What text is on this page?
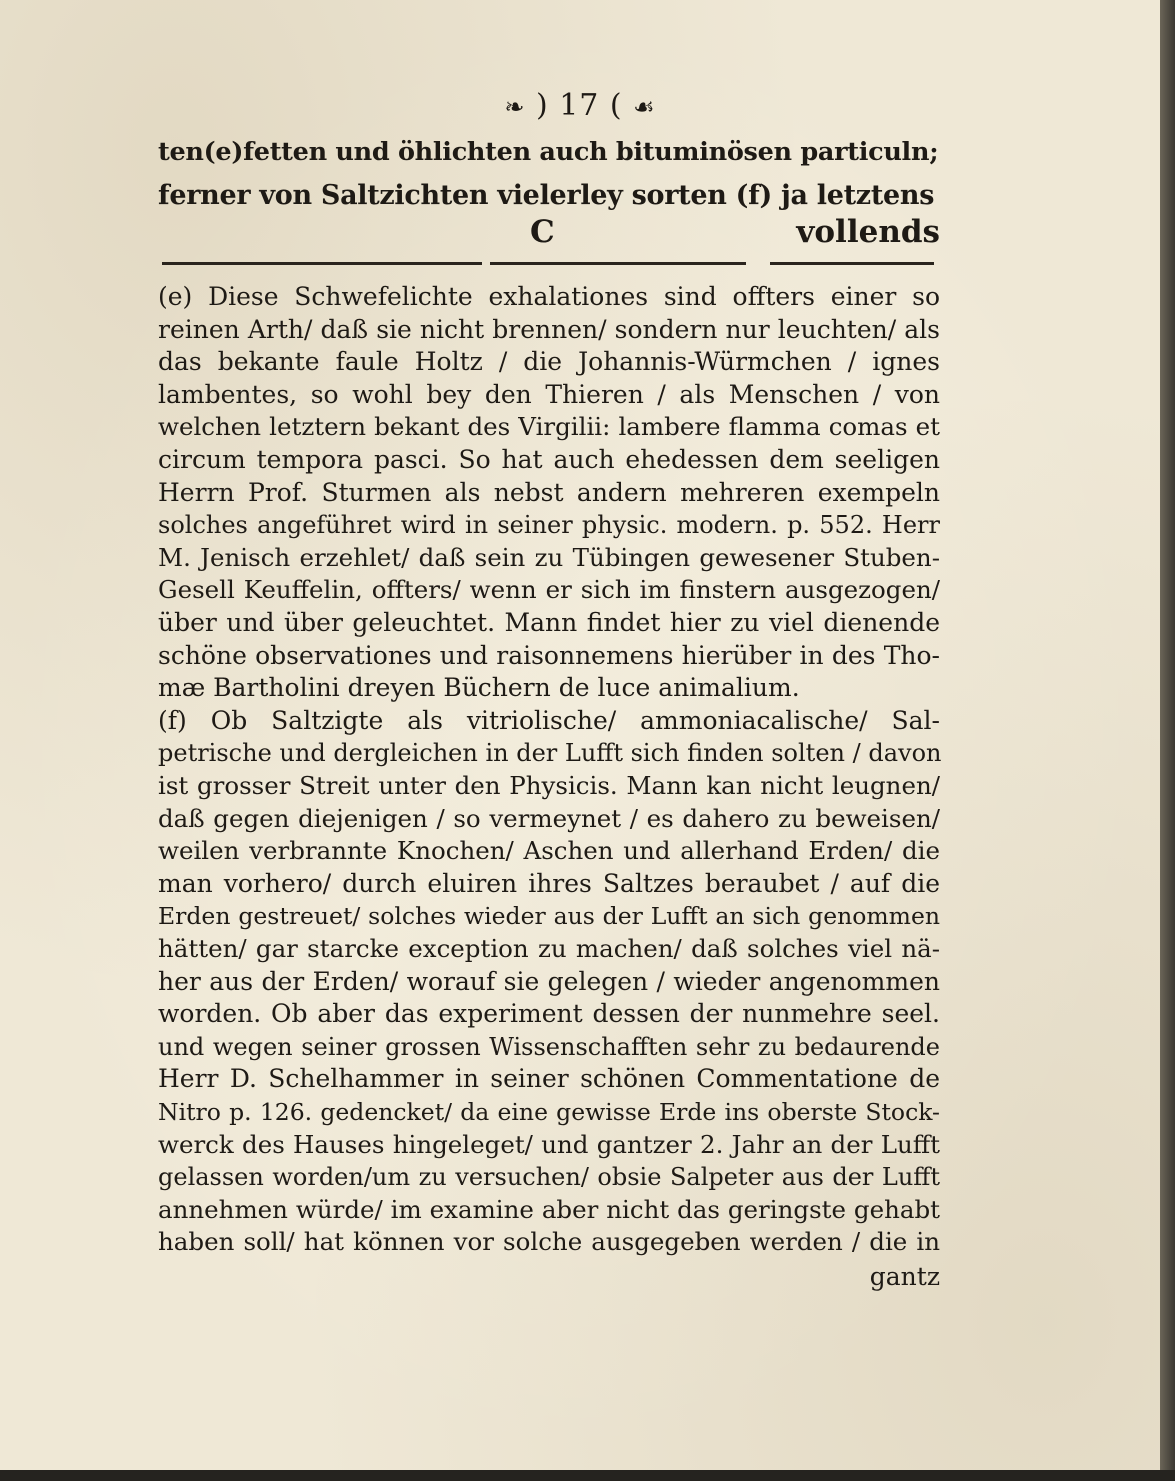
❧ ) 17 ( ☙
ten(e)fetten und öhlichten auch bituminösen particuln;
ferner von Saltzichten vielerley sorten (f) ja letztens
C	vollends
(e) Diese Schwefelichte exhalationes sind offters einer so
reinen Arth/ daß sie nicht brennen/ sondern nur leuchten/ als
das bekante faule Holtz / die Johannis-Würmchen / ignes
lambentes, so wohl bey den Thieren / als Menschen / von
welchen letztern bekant des Virgilii: lambere flamma comas et
circum tempora pasci. So hat auch ehedessen dem seeligen
Herrn Prof. Sturmen als nebst andern mehreren exempeln
solches angeführet wird in seiner physic. modern. p. 552. Herr
M. Jenisch erzehlet/ daß sein zu Tübingen gewesener Stuben-
Gesell Keuffelin, offters/ wenn er sich im finstern ausgezogen/
über und über geleuchtet. Mann findet hier zu viel dienende
schöne observationes und raisonnemens hierüber in des Tho-
mæ Bartholini dreyen Büchern de luce animalium.
(f) Ob Saltzigte als vitriolische/ ammoniacalische/ Sal-
petrische und dergleichen in der Lufft sich finden solten / davon
ist grosser Streit unter den Physicis. Mann kan nicht leugnen/
daß gegen diejenigen / so vermeynet / es dahero zu beweisen/
weilen verbrannte Knochen/ Aschen und allerhand Erden/ die
man vorhero/ durch eluiren ihres Saltzes beraubet / auf die
Erden gestreuet/ solches wieder aus der Lufft an sich genommen
hätten/ gar starcke exception zu machen/ daß solches viel nä-
her aus der Erden/ worauf sie gelegen / wieder angenommen
worden. Ob aber das experiment dessen der nunmehre seel.
und wegen seiner grossen Wissenschafften sehr zu bedaurende
Herr D. Schelhammer in seiner schönen Commentatione de
Nitro p. 126. gedencket/ da eine gewisse Erde ins oberste Stock-
werck des Hauses hingeleget/ und gantzer 2. Jahr an der Lufft
gelassen worden/um zu versuchen/ obsie Salpeter aus der Lufft
annehmen würde/ im examine aber nicht das geringste gehabt
haben soll/ hat können vor solche ausgegeben werden / die in
gantz
